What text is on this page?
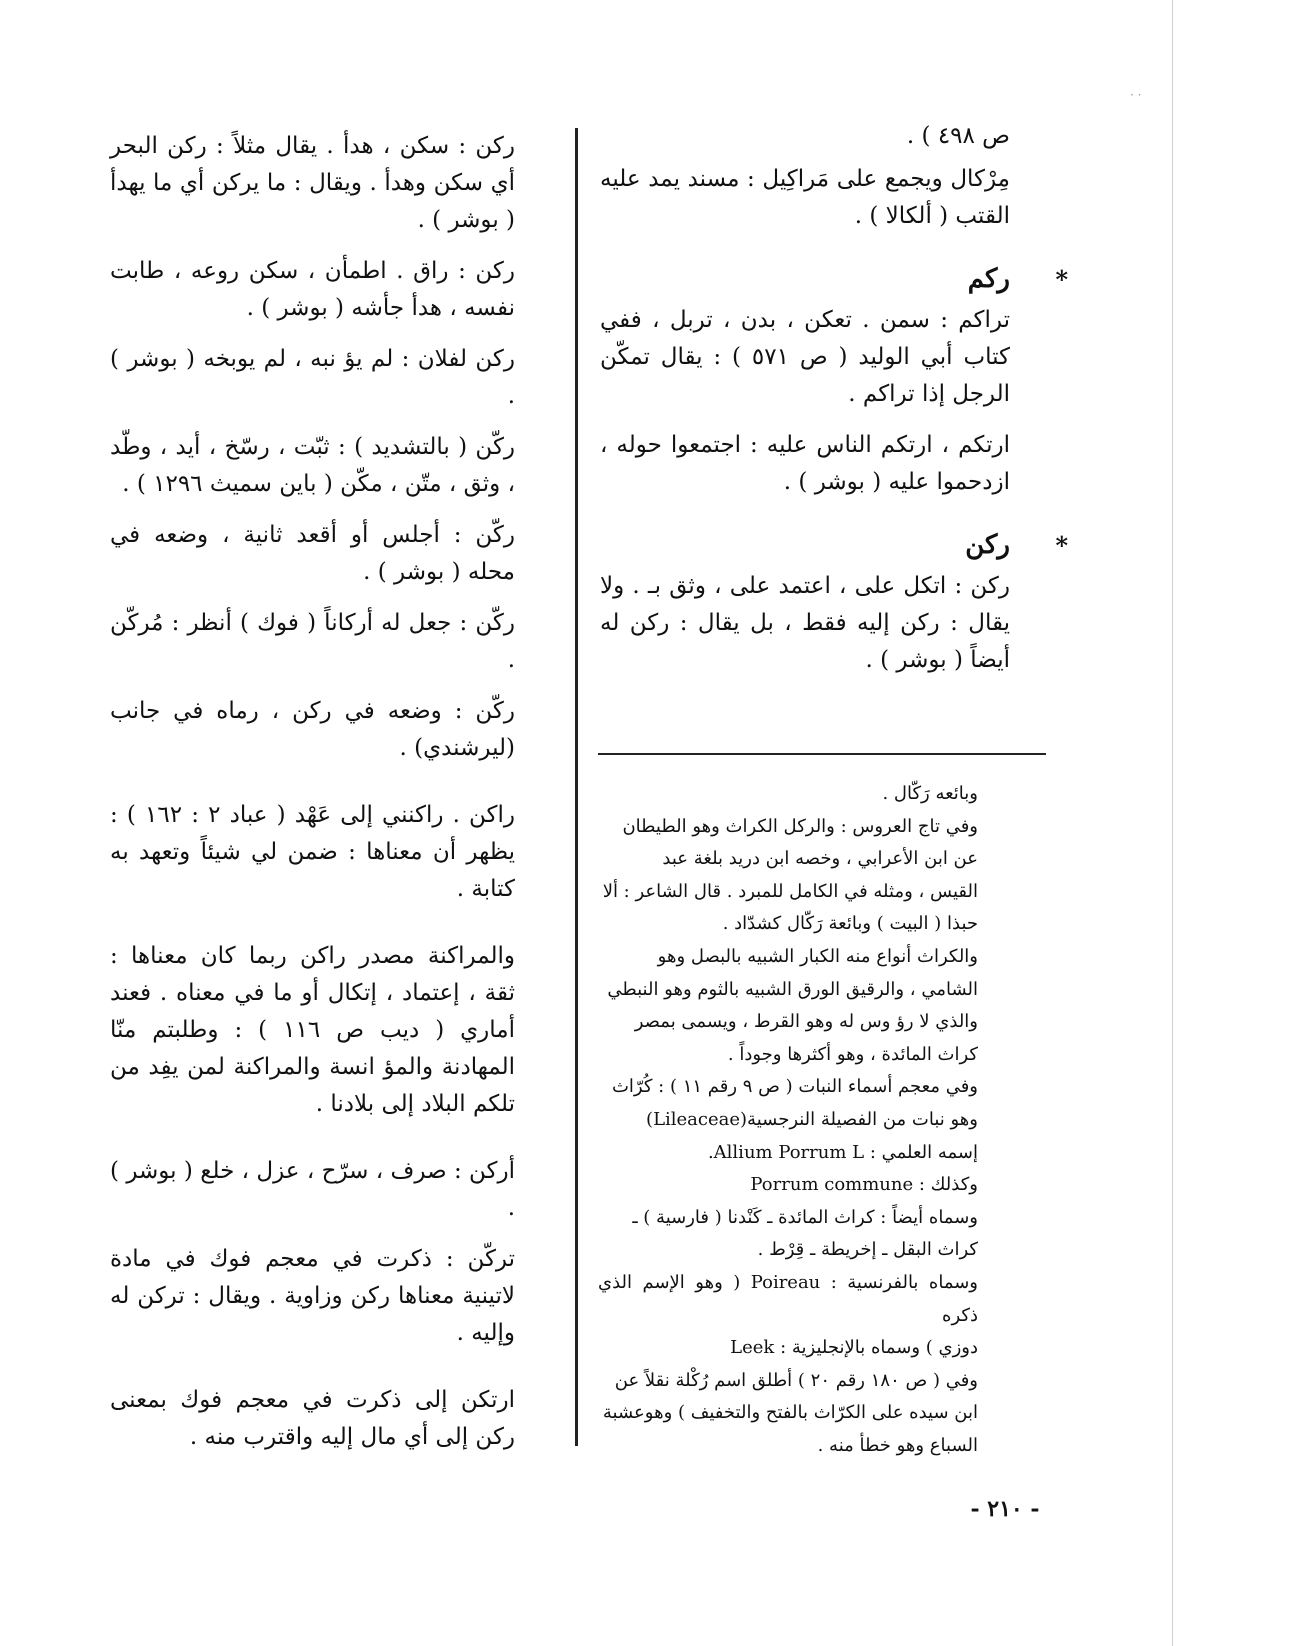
· ·

ص ٤٩٨ ) .

مِرْكال ويجمع على مَراكِيل : مسند يمد عليه القتب ( ألكالا ) .

*
ركم

تراكم : سمن . تعكن ، بدن ، تربل ، ففي كتاب أبي الوليد ( ص ٥٧١ ) : يقال تمكّن الرجل إذا تراكم .

ارتكم ، ارتكم الناس عليه : اجتمعوا حوله ، ازدحموا عليه ( بوشر ) .

*
ركن

ركن : اتكل على ، اعتمد على ، وثق بـ . ولا يقال : ركن إليه فقط ، بل يقال : ركن له أيضاً ( بوشر ) .

وبائعه رَكّال .

وفي تاج العروس : والركل الكراث وهو الطيطان

عن ابن الأعرابي ، وخصه ابن دريد بلغة عبد

القيس ، ومثله في الكامل للمبرد . قال الشاعر : ألا

حبذا ( البيت ) وبائعة رَكّال كشدّاد .

والكراث أنواع منه الكبار الشبيه بالبصل وهو

الشامي ، والرقيق الورق الشبيه بالثوم وهو النبطي

والذي لا رؤ وس له وهو القرط ، ويسمى بمصر

كراث المائدة ، وهو أكثرها وجوداً .

وفي معجم أسماء النبات ( ص ٩ رقم ١١ ) : كُرّاث

وهو نبات من الفصيلة النرجسية(Lileaceae)

إسمه العلمي : Allium Porrum L.

وكذلك : Porrum commune

وسماه أيضاً : كراث المائدة ـ كَنْدنا ( فارسية ) ـ

كراث البقل ـ إخريطة ـ قِرْط .

وسماه بالفرنسية : Poireau ( وهو الإسم الذي ذكره

دوزي ) وسماه بالإنجليزية : Leek

وفي ( ص ١٨٠ رقم ٢٠ ) أطلق اسم رُكْلة نقلاً عن

ابن سيده على الكرّاث بالفتح والتخفيف ) وهوعشبة

السباع وهو خطأ منه .

ركن : سكن ، هدأ . يقال مثلاً : ركن البحر أي سكن وهدأ . ويقال : ما يركن أي ما يهدأ ( بوشر ) .

ركن : راق . اطمأن ، سكن روعه ، طابت نفسه ، هدأ جأشه ( بوشر ) .

ركن لفلان : لم يؤ نبه ، لم يوبخه ( بوشر ) .

ركّن ( بالتشديد ) : ثبّت ، رسّخ ، أيد ، وطّد ، وثق ، متّن ، مكّن ( باين سميث ١٢٩٦ ) .

ركّن : أجلس أو أقعد ثانية ، وضعه في محله ( بوشر ) .

ركّن : جعل له أركاناً ( فوك ) أنظر : مُركّن .

ركّن : وضعه في ركن ، رماه في جانب (ليرشندي) .

راكن . راكنني إلى عَهْد ( عباد ٢ : ١٦٢ ) : يظهر أن معناها : ضمن لي شيئاً وتعهد به كتابة .

والمراكنة مصدر راكن ربما كان معناها : ثقة ، إعتماد ، إتكال أو ما في معناه . فعند أماري ( ديب ص ١١٦ ) : وطلبتم منّا المهادنة والمؤ انسة والمراكنة لمن يفِد من تلكم البلاد إلى بلادنا .

أركن : صرف ، سرّح ، عزل ، خلع ( بوشر ) .

تركّن : ذكرت في معجم فوك في مادة لاتينية معناها ركن وزاوية . ويقال : تركن له وإليه .

ارتكن إلى ذكرت في معجم فوك بمعنى ركن إلى أي مال إليه واقترب منه .

- ٢١٠ -
